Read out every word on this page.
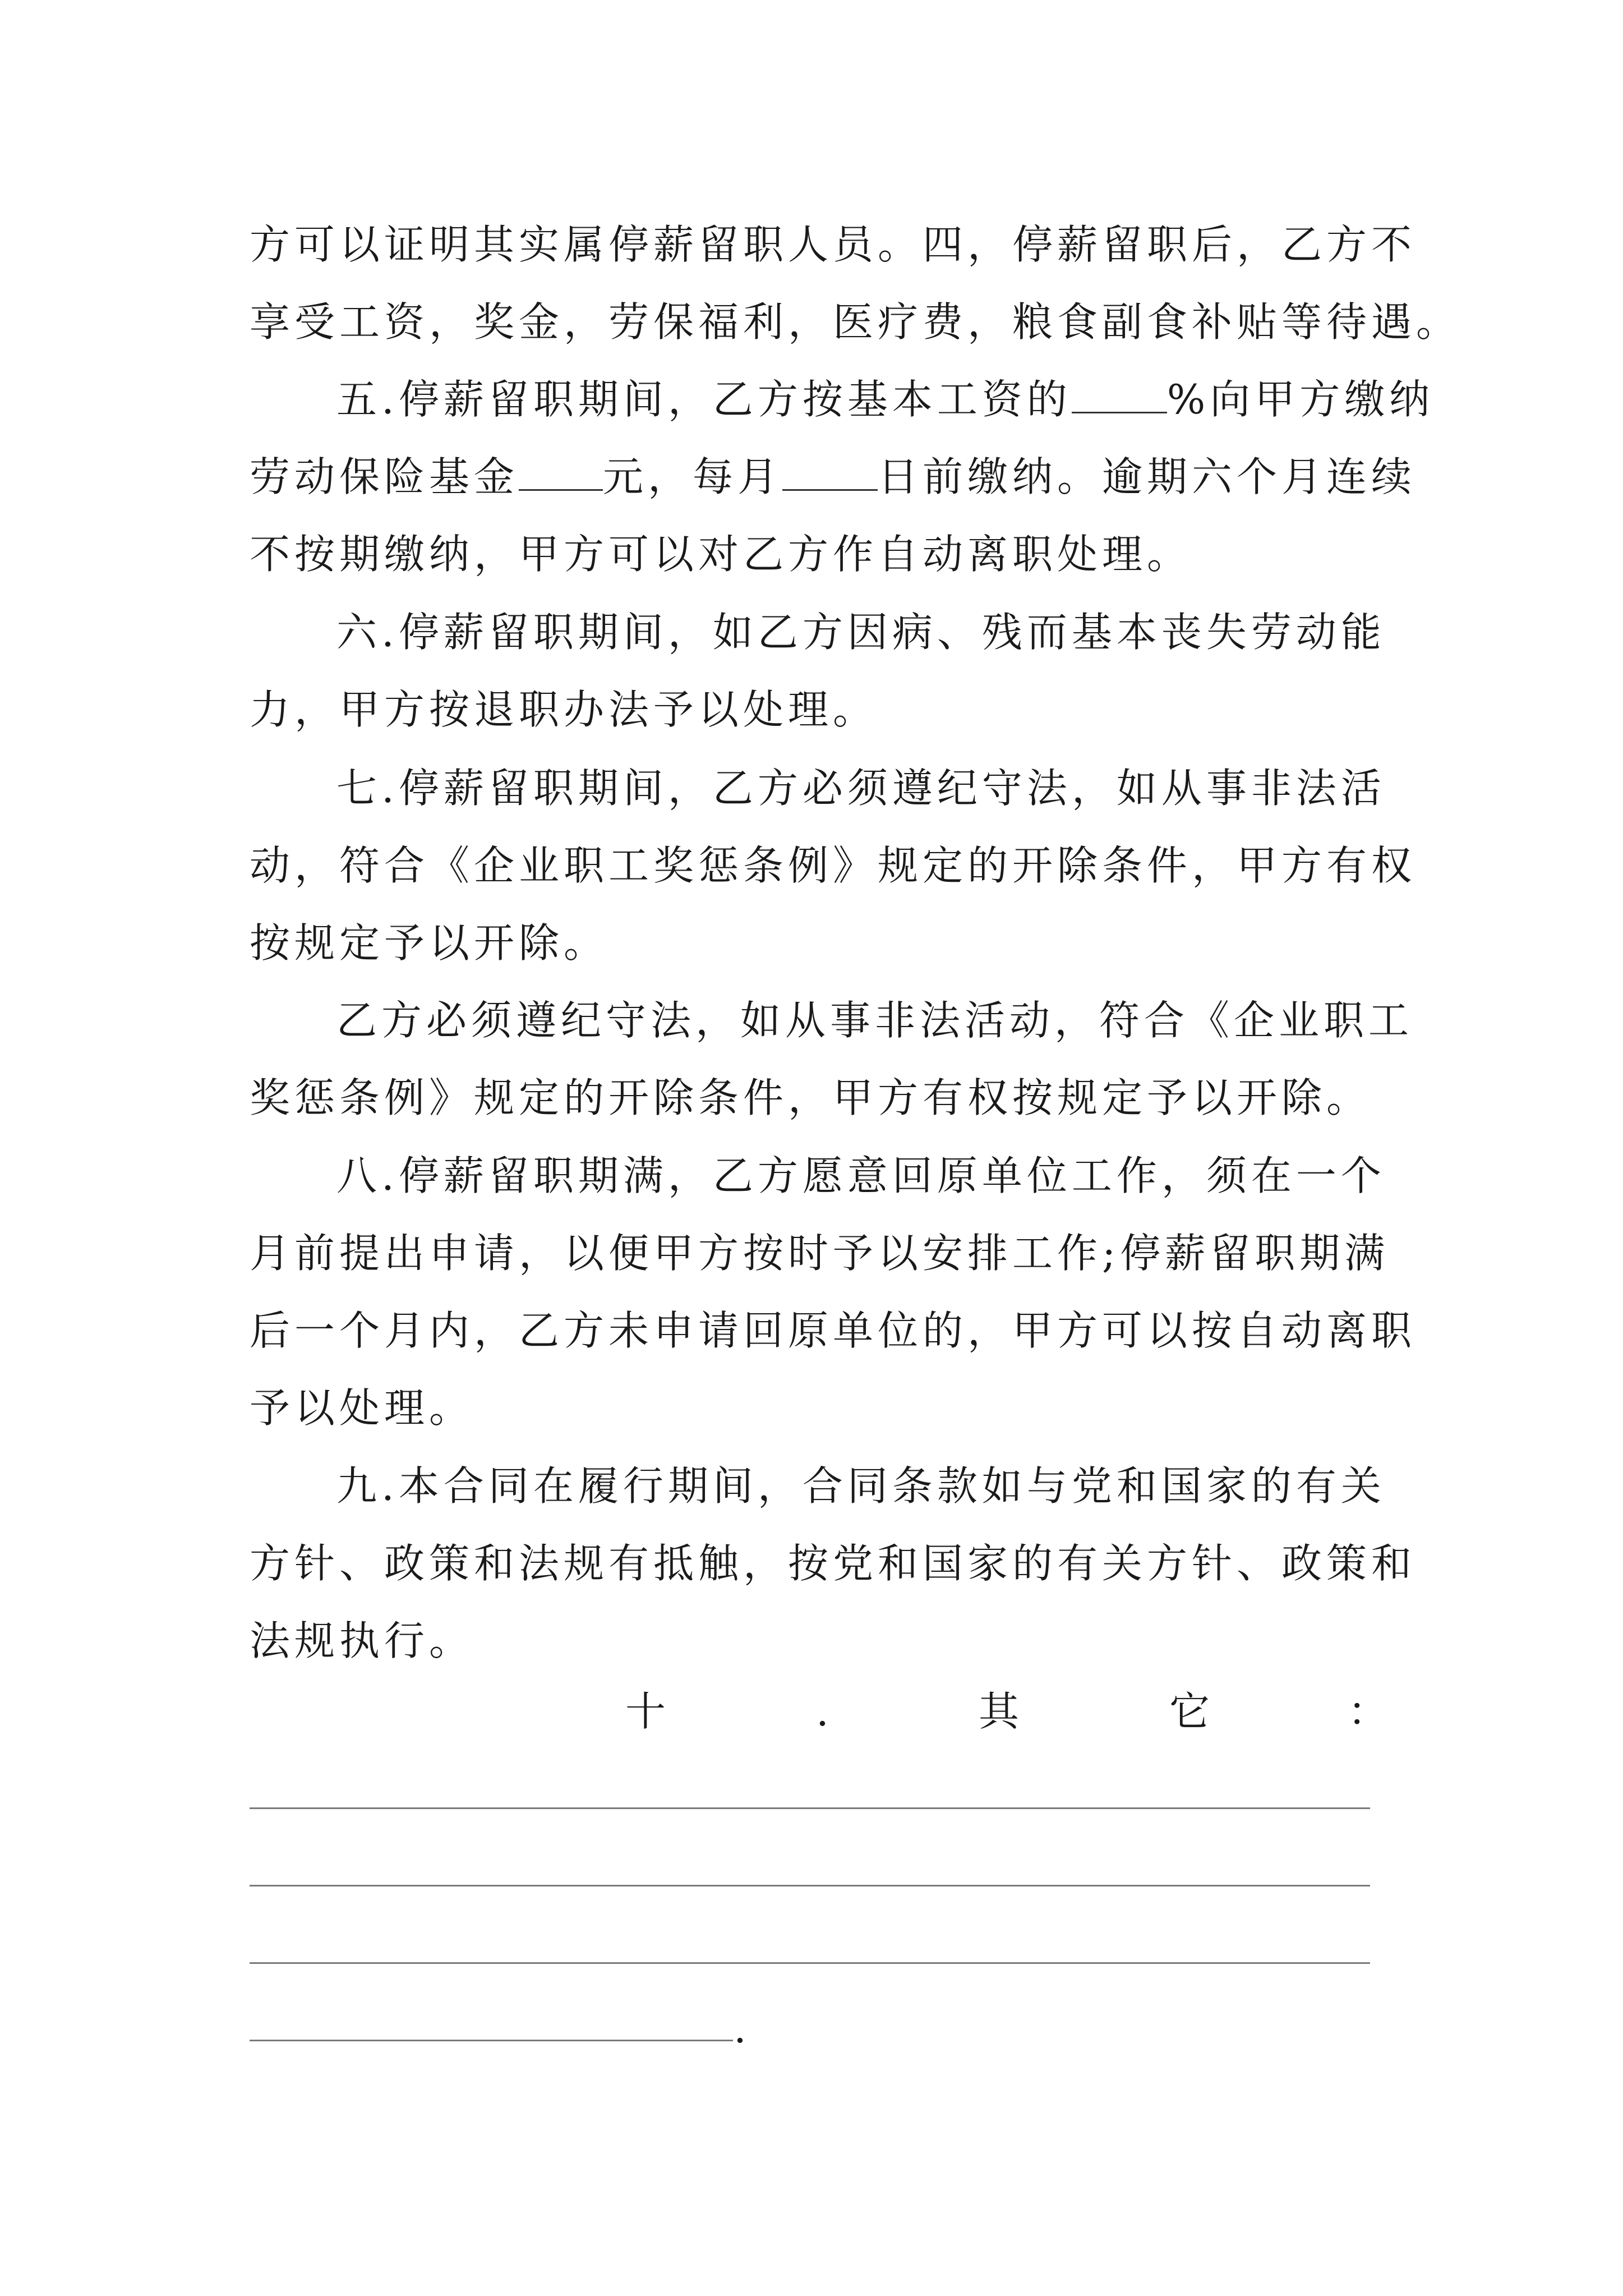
方可以证明其实属停薪留职人员。四，停薪留职后，乙方不
享受工资，奖金，劳保福利，医疗费，粮食副食补贴等待遇。
五.停薪留职期间，乙方按基本工资的 %向甲方缴纳
劳动保险基金 元，每月 日前缴纳。逾期六个月连续
不按期缴纳，甲方可以对乙方作自动离职处理。
六.停薪留职期间，如乙方因病、残而基本丧失劳动能
力，甲方按退职办法予以处理。
七.停薪留职期间，乙方必须遵纪守法，如从事非法活
动，符合《企业职工奖惩条例》规定的开除条件，甲方有权
按规定予以开除。
乙方必须遵纪守法，如从事非法活动，符合《企业职工
奖惩条例》规定的开除条件，甲方有权按规定予以开除。
八.停薪留职期满，乙方愿意回原单位工作，须在一个
月前提出申请，以便甲方按时予以安排工作;停薪留职期满
后一个月内，乙方未申请回原单位的，甲方可以按自动离职
予以处理。
九.本合同在履行期间，合同条款如与党和国家的有关
方针、政策和法规有抵触，按党和国家的有关方针、政策和
法规执行。
十	.	其	它	：
.
